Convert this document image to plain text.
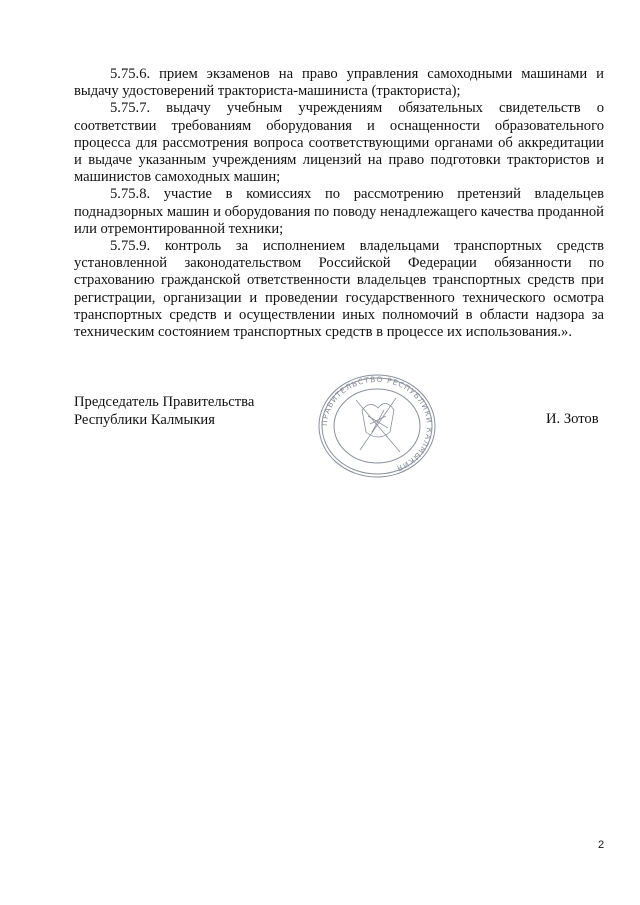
5.75.6. прием экзаменов на право управления самоходными машинами и выдачу удостоверений тракториста-машиниста (тракториста);

5.75.7. выдачу учебным учреждениям обязательных свидетельств о соответствии требованиям оборудования и оснащенности образовательного процесса для рассмотрения вопроса соответствующими органами об аккредитации и выдаче указанным учреждениям лицензий на право подготовки трактористов и машинистов самоходных машин;

5.75.8. участие в комиссиях по рассмотрению претензий владельцев поднадзорных машин и оборудования по поводу ненадлежащего качества проданной или отремонтированной техники;

5.75.9. контроль за исполнением владельцами транспортных средств установленной законодательством Российской Федерации обязанности по страхованию гражданской ответственности владельцев транспортных средств при регистрации, организации и проведении государственного технического осмотра транспортных средств и осуществлении иных полномочий в области надзора за техническим состоянием транспортных средств в процессе их использования.».

Председатель Правительства
Республики Калмыкия	ПРАВИТЕЛЬСТВО РЕСПУБЛИКИ КАЛМЫКИЯ
И. Зотов
2
